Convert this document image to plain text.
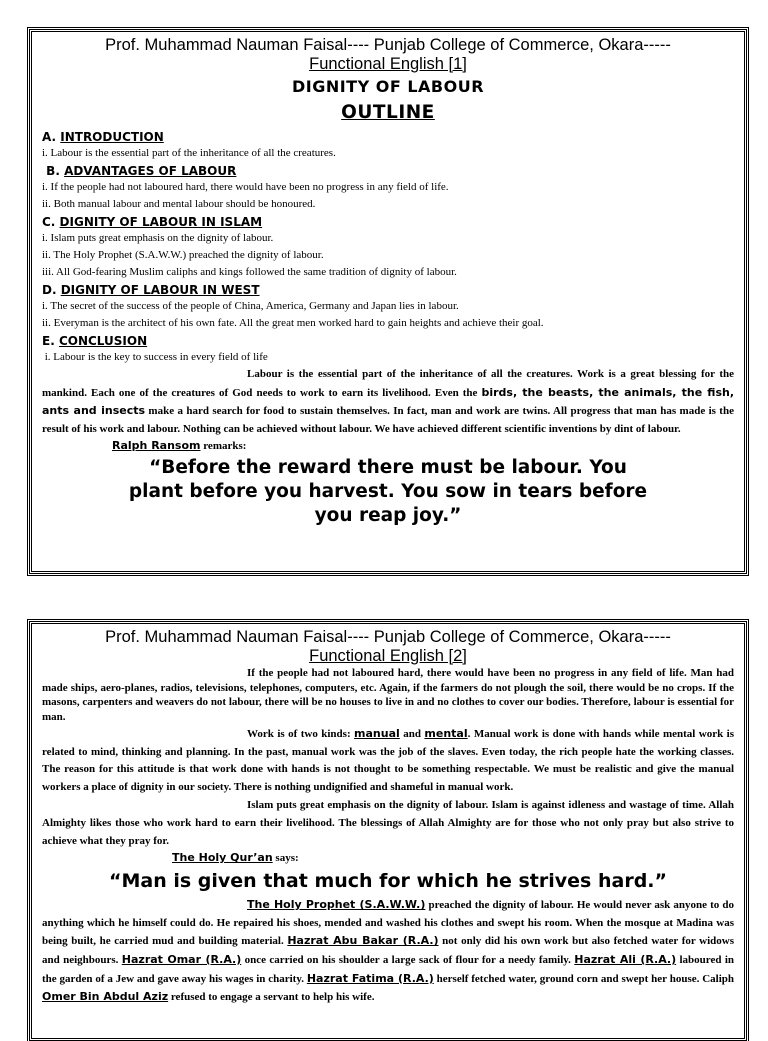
Prof. Muhammad Nauman Faisal---- Punjab College of Commerce, Okara-----
Functional English [1]
DIGNITY OF LABOUR
OUTLINE
A. INTRODUCTION
i. Labour is the essential part of the inheritance of all the creatures.
B. ADVANTAGES OF LABOUR
i. If the people had not laboured hard, there would have been no progress in any field of life.
ii. Both manual labour and mental labour should be honoured.
C. DIGNITY OF LABOUR IN ISLAM
i. Islam puts great emphasis on the dignity of labour.
ii. The Holy Prophet (S.A.W.W.) preached the dignity of labour.
iii. All God-fearing Muslim caliphs and kings followed the same tradition of dignity of labour.
D. DIGNITY OF LABOUR IN WEST
i. The secret of the success of the people of China, America, Germany and Japan lies in labour.
ii. Everyman is the architect of his own fate. All the great men worked hard to gain heights and achieve their goal.
E. CONCLUSION
i. Labour is the key to success in every field of life
Labour is the essential part of the inheritance of all the creatures. Work is a great blessing for the mankind. Each one of the creatures of God needs to work to earn its livelihood. Even the birds, the beasts, the animals, the fish, ants and insects make a hard search for food to sustain themselves. In fact, man and work are twins. All progress that man has made is the result of his work and labour. Nothing can be achieved without labour. We have achieved different scientific inventions by dint of labour.
Ralph Ransom remarks:
“Before the reward there must be labour. You plant before you harvest. You sow in tears before you reap joy.”
Prof. Muhammad Nauman Faisal---- Punjab College of Commerce, Okara-----
Functional English [2]
If the people had not laboured hard, there would have been no progress in any field of life. Man had made ships, aero-planes, radios, televisions, telephones, computers, etc. Again, if the farmers do not plough the soil, there would be no crops. If the masons, carpenters and weavers do not labour, there will be no houses to live in and no clothes to cover our bodies. Therefore, labour is essential for man.
Work is of two kinds: manual and mental. Manual work is done with hands while mental work is related to mind, thinking and planning. In the past, manual work was the job of the slaves. Even today, the rich people hate the working classes. The reason for this attitude is that work done with hands is not thought to be something respectable. We must be realistic and give the manual workers a place of dignity in our society. There is nothing undignified and shameful in manual work.
Islam puts great emphasis on the dignity of labour. Islam is against idleness and wastage of time. Allah Almighty likes those who work hard to earn their livelihood. The blessings of Allah Almighty are for those who not only pray but also strive to achieve what they pray for.
The Holy Qur’an says:
“Man is given that much for which he strives hard.”
The Holy Prophet (S.A.W.W.) preached the dignity of labour. He would never ask anyone to do anything which he himself could do. He repaired his shoes, mended and washed his clothes and swept his room. When the mosque at Madina was being built, he carried mud and building material. Hazrat Abu Bakar (R.A.) not only did his own work but also fetched water for widows and neighbours. Hazrat Omar (R.A.) once carried on his shoulder a large sack of flour for a needy family. Hazrat Ali (R.A.) laboured in the garden of a Jew and gave away his wages in charity. Hazrat Fatima (R.A.) herself fetched water, ground corn and swept her house. Caliph Omer Bin Abdul Aziz refused to engage a servant to help his wife.
